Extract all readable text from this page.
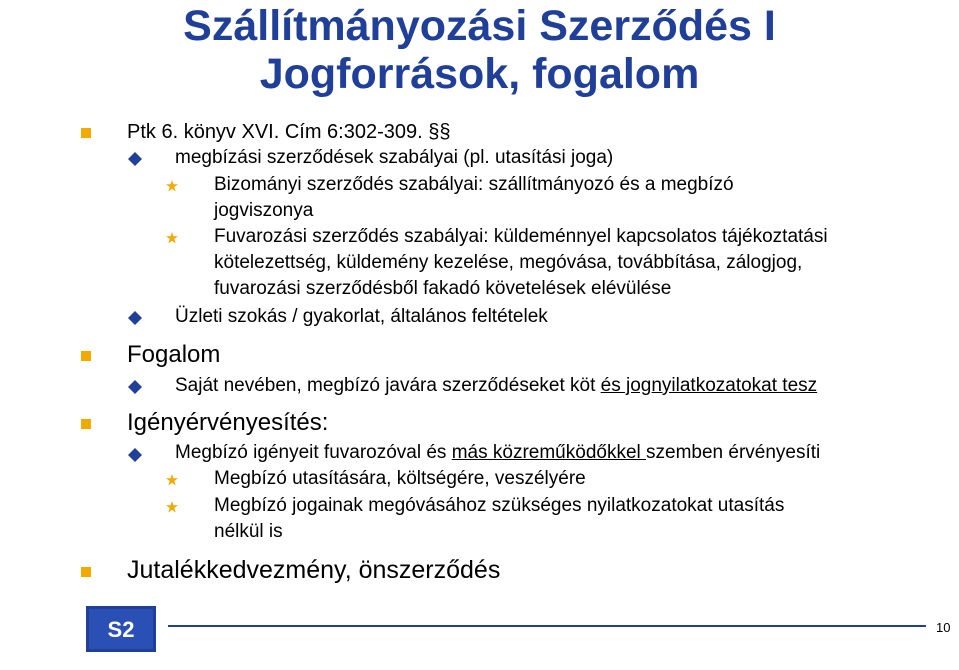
Szállítmányozási Szerződés I
Jogforrások, fogalom
Ptk 6. könyv XVI. Cím 6:302-309. §§
megbízási szerződések szabályai (pl. utasítási joga)
Bizományi szerződés szabályai: szállítmányozó és a megbízó
jogviszonya
Fuvarozási szerződés szabályai: küldeménnyel kapcsolatos tájékoztatási
kötelezettség, küldemény kezelése, megóvása, továbbítása, zálogjog,
fuvarozási szerződésből fakadó követelések elévülése
Üzleti szokás / gyakorlat, általános feltételek
Fogalom
Saját nevében, megbízó javára szerződéseket köt és jognyilatkozatokat tesz
Igényérvényesítés:
Megbízó igényeit fuvarozóval és más közreműködőkkel szemben érvényesíti
Megbízó utasítására, költségére, veszélyére
Megbízó jogainak megóvásához szükséges nyilatkozatokat utasítás
nélkül is
Jutalékkedvezmény, önszerződés
S2	10
